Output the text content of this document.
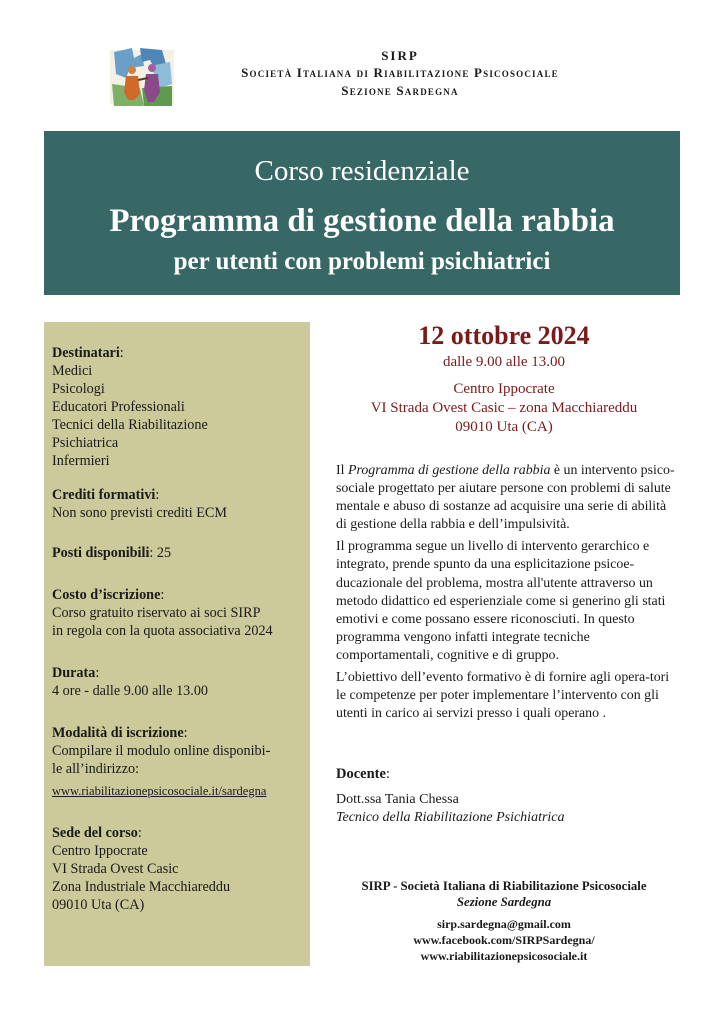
SIRP
Società Italiana di Riabilitazione Psicosociale
Sezione Sardegna
Corso residenziale
Programma di gestione della rabbia
per utenti con problemi psichiatrici
Destinatari:
Medici
Psicologi
Educatori Professionali
Tecnici della Riabilitazione
Psichiatrica
Infermieri
Crediti formativi:
Non sono previsti crediti ECM
Posti disponibili: 25
Costo d’iscrizione:
Corso gratuito riservato ai soci SIRP
in regola con la quota associativa 2024
Durata:
4 ore - dalle 9.00 alle 13.00
Modalità di iscrizione:
Compilare il modulo online disponibi-
le all’indirizzo:
www.riabilitazionepsicosociale.it/sardegna
Sede del corso:
Centro Ippocrate
VI Strada Ovest Casic
Zona Industriale Macchiareddu
09010 Uta (CA)
12 ottobre 2024
dalle 9.00 alle 13.00
Centro Ippocrate
VI Strada Ovest Casic – zona Macchiareddu
09010 Uta (CA)

Il Programma di gestione della rabbia è un intervento psico-sociale progettato per aiutare persone con problemi di salute mentale e abuso di sostanze ad acquisire una serie di abilità di gestione della rabbia e dell’impulsività.

Il programma segue un livello di intervento gerarchico e integrato, prende spunto da una esplicitazione psicoe-ducazionale del problema, mostra all'utente attraverso un metodo didattico ed esperienziale come si generino gli stati emotivi e come possano essere riconosciuti. In questo programma vengono infatti integrate tecniche comportamentali, cognitive e di gruppo.

L’obiettivo dell’evento formativo è di fornire agli opera-tori le competenze per poter implementare l’intervento con gli utenti in carico ai servizi presso i quali operano .

Docente:
Dott.ssa Tania Chessa
Tecnico della Riabilitazione Psichiatrica
SIRP - Società Italiana di Riabilitazione Psicosociale
Sezione Sardegna
sirp.sardegna@gmail.com
www.facebook.com/SIRPSardegna/
www.riabilitazionepsicosociale.it
